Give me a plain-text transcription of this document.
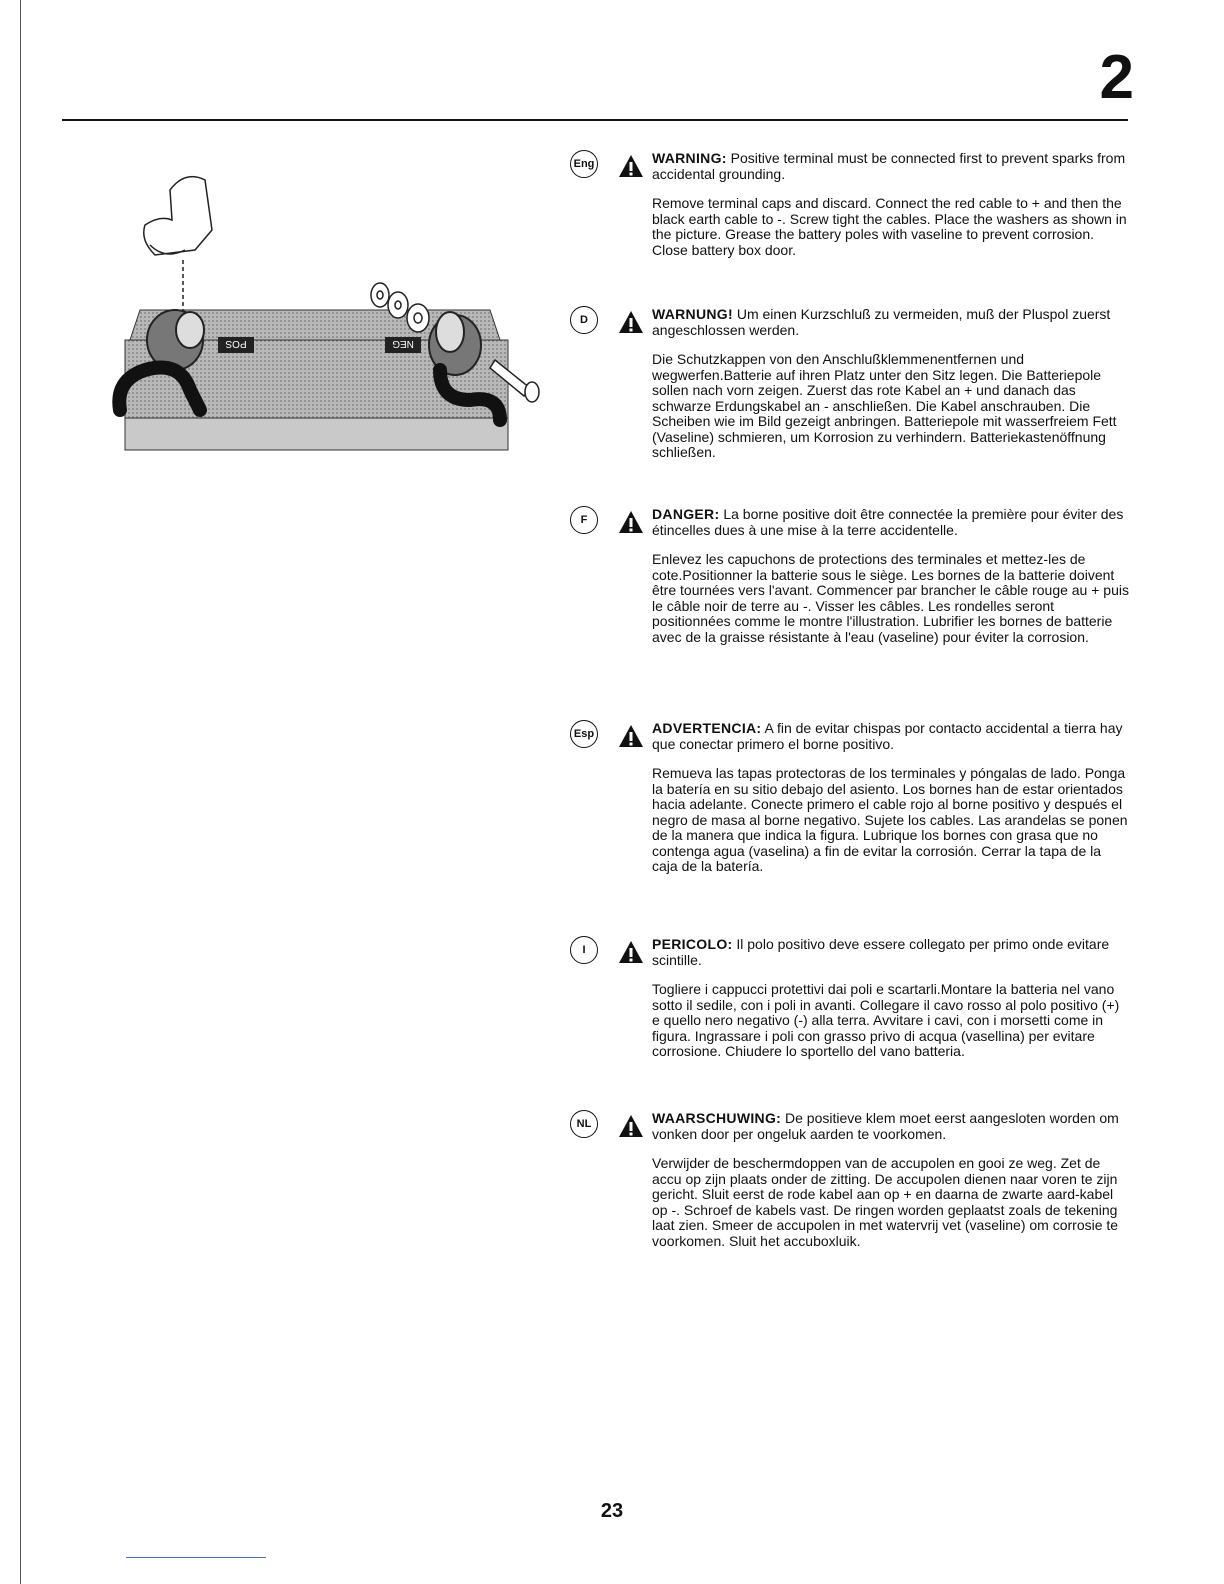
2
POS	NEG
Eng	WARNING: Positive terminal must be connected first to prevent sparks from accidental grounding.
Remove terminal caps and discard. Connect the red cable to + and then the black earth cable to -. Screw tight the cables. Place the washers as shown in the picture. Grease the battery poles with vaseline to prevent corrosion. Close battery box door.
D	WARNUNG! Um einen Kurzschluß zu vermeiden, muß der Pluspol zuerst angeschlossen werden.
Die Schutzkappen von den Anschlußklemmenentfernen und wegwerfen.Batterie auf ihren Platz unter den Sitz legen. Die Batteriepole sollen nach vorn zeigen. Zuerst das rote Kabel an + und danach das schwarze Erdungskabel an - anschließen. Die Kabel anschrauben. Die Scheiben wie im Bild gezeigt anbringen. Batteriepole mit wasserfreiem Fett (Vaseline) schmieren, um Korrosion zu verhindern. Batteriekastenöffnung schließen.
F	DANGER: La borne positive doit être connectée la première pour éviter des étincelles dues à une mise à la terre accidentelle.
Enlevez les capuchons de protections des terminales et mettez-les de cote.Positionner la batterie sous le siège. Les bornes de la batterie doivent être tournées vers l'avant. Commencer par brancher le câble rouge au + puis le câble noir de terre au -. Visser les câbles. Les rondelles seront positionnées comme le montre l'illustration. Lubrifier les bornes de batterie avec de la graisse résistante à l'eau (vaseline) pour éviter la corrosion.
Esp	ADVERTENCIA: A fin de evitar chispas por contacto accidental a tierra hay que conectar primero el borne positivo.
Remueva las tapas protectoras de los terminales y póngalas de lado. Ponga la batería en su sitio debajo del asiento. Los bornes han de estar orientados hacia adelante. Conecte primero el cable rojo al borne positivo y después el negro de masa al borne negativo. Sujete los cables. Las arandelas se ponen de la manera que indica la figura. Lubrique los bornes con grasa que no contenga agua (vaselina) a fin de evitar la corrosión. Cerrar la tapa de la caja de la batería.
I	PERICOLO: Il polo positivo deve essere collegato per primo onde evitare scintille.
Togliere i cappucci protettivi dai poli e scartarli.Montare la batteria nel vano sotto il sedile, con i poli in avanti. Collegare il cavo rosso al polo positivo (+) e quello nero negativo (-) alla terra. Avvitare i cavi, con i morsetti come in figura. Ingrassare i poli con grasso privo di acqua (vasellina) per evitare corrosione. Chiudere lo sportello del vano batteria.
NL	WAARSCHUWING: De positieve klem moet eerst aangesloten worden om vonken door per ongeluk aarden te voorkomen.
Verwijder de beschermdoppen van de accupolen en gooi ze weg. Zet de accu op zijn plaats onder de zitting. De accupolen dienen naar voren te zijn gericht. Sluit eerst de rode kabel aan op + en daarna de zwarte aard-kabel op -. Schroef de kabels vast. De ringen worden geplaatst zoals de tekening laat zien. Smeer de accupolen in met watervrij vet (vaseline) om corrosie te voorkomen. Sluit het accuboxluik.
23
